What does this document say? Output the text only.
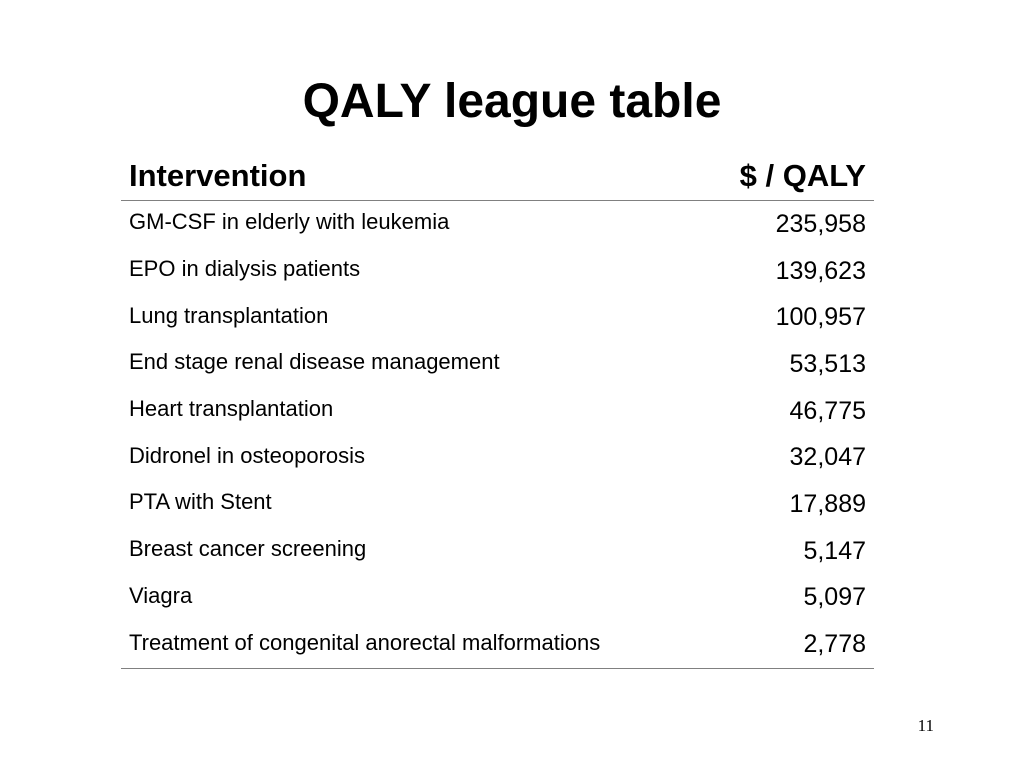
QALY league table
Intervention	$ / QALY
GM-CSF in elderly with leukemia	235,958
EPO in dialysis patients	139,623
Lung transplantation	100,957
End stage renal disease management	53,513
Heart transplantation	46,775
Didronel in osteoporosis	32,047
PTA with Stent	17,889
Breast cancer screening	5,147
Viagra	5,097
Treatment of congenital anorectal malformations	2,778
11
